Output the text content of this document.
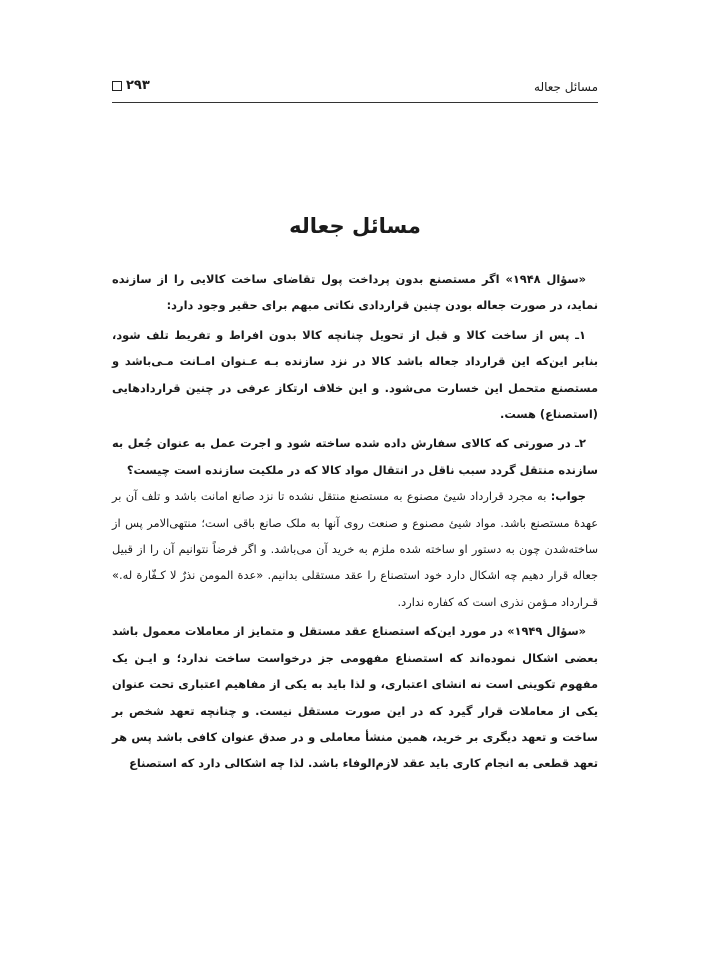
مسائل جعاله
۲۹۳
مسائل جعاله

«سؤال ۱۹۴۸» اگر مستصنع بدون پرداخت پول تقاضای ساخت کالایی را از سازنده نماید، در صورت جعاله بودن چنین قراردادی نکاتی مبهم برای حقیر وجود دارد:

۱ـ پس از ساخت کالا و قبل از تحویل چنانچه کالا بدون افراط و تفریط تلف شود، بنابر این‌که این قرارداد جعاله باشد کالا در نزد سازنده بـه عـنوان امـانت مـی‌باشد و مستصنع متحمل این خسارت می‌شود. و این خلاف ارتکاز عرفی در چنین قراردادهایی (استصناع) هست.

۲ـ در صورتی که کالای سفارش داده شده ساخته شود و اجرت عمل به عنوان جُعل به سازنده منتقل گردد سبب ناقل در انتقال مواد کالا که در ملکیت سازنده است چیست؟

جواب: به مجرد قرارداد شیئ مصنوع به مستصنع منتقل نشده تا نزد صانع امانت باشد و تلف آن بر عهدهٔ مستصنع باشد. مواد شیئ مصنوع و صنعت روی آنها به ملک صانع باقی است؛ منتهی‌الامر پس از ساخته‌شدن چون به دستور او ساخته شده ملزم به خرید آن می‌باشد. و اگر فرضاً نتوانیم آن را از قبیل جعاله قرار دهیم چه اشکال دارد خود استصناع را عقد مستقلی بدانیم. «عدة المومن نذرٌ لا کـفّارة له.» قـرارداد مـؤمن نذری است که کفاره ندارد.

«سؤال ۱۹۴۹» در مورد این‌که استصناع عقد مستقل و متمایز از معاملات معمول باشد بعضی اشکال نموده‌اند که استصناع مفهومی جز درخواست ساخت ندارد؛ و ایـن یک مفهوم تکوینی است نه انشای اعتباری، و لذا باید به یکی از مفاهیم اعتباری تحت عنوان یکی از معاملات قرار گیرد که در این صورت مستقل نیست. و چنانچه تعهد شخص بر ساخت و تعهد دیگری بر خرید، همین منشأ معاملی و در صدق عنوان کافی باشد پس هر تعهد قطعی به انجام کاری باید عقد لازم‌الوفاء باشد. لذا چه اشکالی دارد که استصناع
